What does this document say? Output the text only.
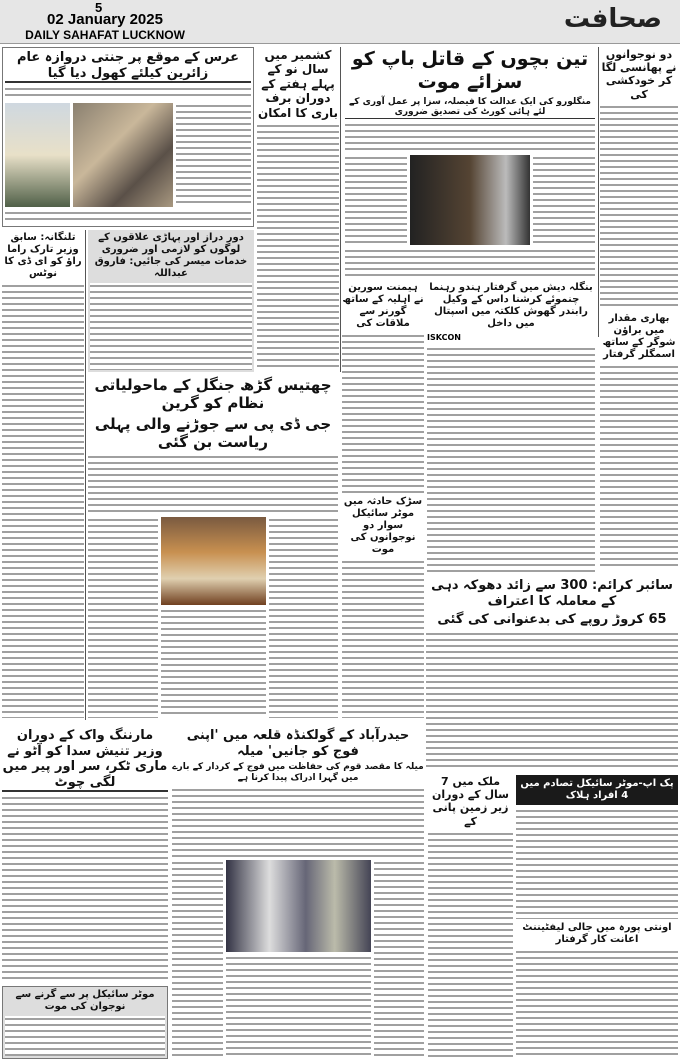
5
02 January 2025
DAILY SAHAFAT LUCKNOW
صحافت
عرس کے موقع پر جنتی دروازہ عام زائرین کیلئے کھول دیا گیا
کشمیر میں سال نو کے پہلے ہفتے کے دوران برف باری کا امکان
تین بچوں کے قاتل باپ کو سزائے موت
منگلورو کی ایک عدالت کا فیصلہ، سزا پر عمل آوری کے لئے ہائی کورٹ کی تصدیق ضروری
دو نوجوانوں نے پھانسی لگا کر خودکشی کی
بھاری مقدار میں براؤن شوگر کے ساتھ اسمگلر گرفتار
تلنگانہ: سابق وزیر تارک راما راؤ کو ای ڈی کا نوٹس
دور دراز اور پہاڑی علاقوں کے لوگوں کو لازمی اور ضروری خدمات میسر کی جائیں: فاروق عبداللہ
ہیمنت سورین نے اہلیہ کے ساتھ گورنر سے ملاقات کی
سڑک حادثہ میں موٹر سائیکل سوار دو نوجوانوں کی موت
بنگلہ دیش میں گرفتار ہندو رہنما چنموئے کرشنا داس کے وکیل رابندر گھوش کلکتہ میں اسپتال میں داخل
ISKCON
سائبر کرائم: 300 سے زائد دھوکہ دہی کے معاملہ کا اعتراف
65 کروڑ روپے کی بدعنوانی کی گئی
چھتیس گڑھ جنگل کے ماحولیاتی نظام کو گرین
جی ڈی پی سے جوڑنے والی پہلی ریاست بن گئی
مارننگ واک کے دوران وزیر تنیش سدا کو آٹو نے ماری ٹکر، سر اور پیر میں لگی چوٹ
موٹر سائیکل پر سے گرنے سے نوجوان کی موت
حیدرآباد کے گولکنڈہ قلعہ میں 'اپنی فوج کو جانیں' میلہ
میلہ کا مقصد قوم کی حفاظت میں فوج کے کردار کے بارے میں گہرا ادراک پیدا کرنا ہے	ملک میں 7 سال کے دوران زیر زمین پانی کے
پک اپ-موٹر سائیکل تصادم میں 4 افراد ہلاک
اونتی پورہ میں جالی لیفٹیننٹ اعانت کار گرفتار
